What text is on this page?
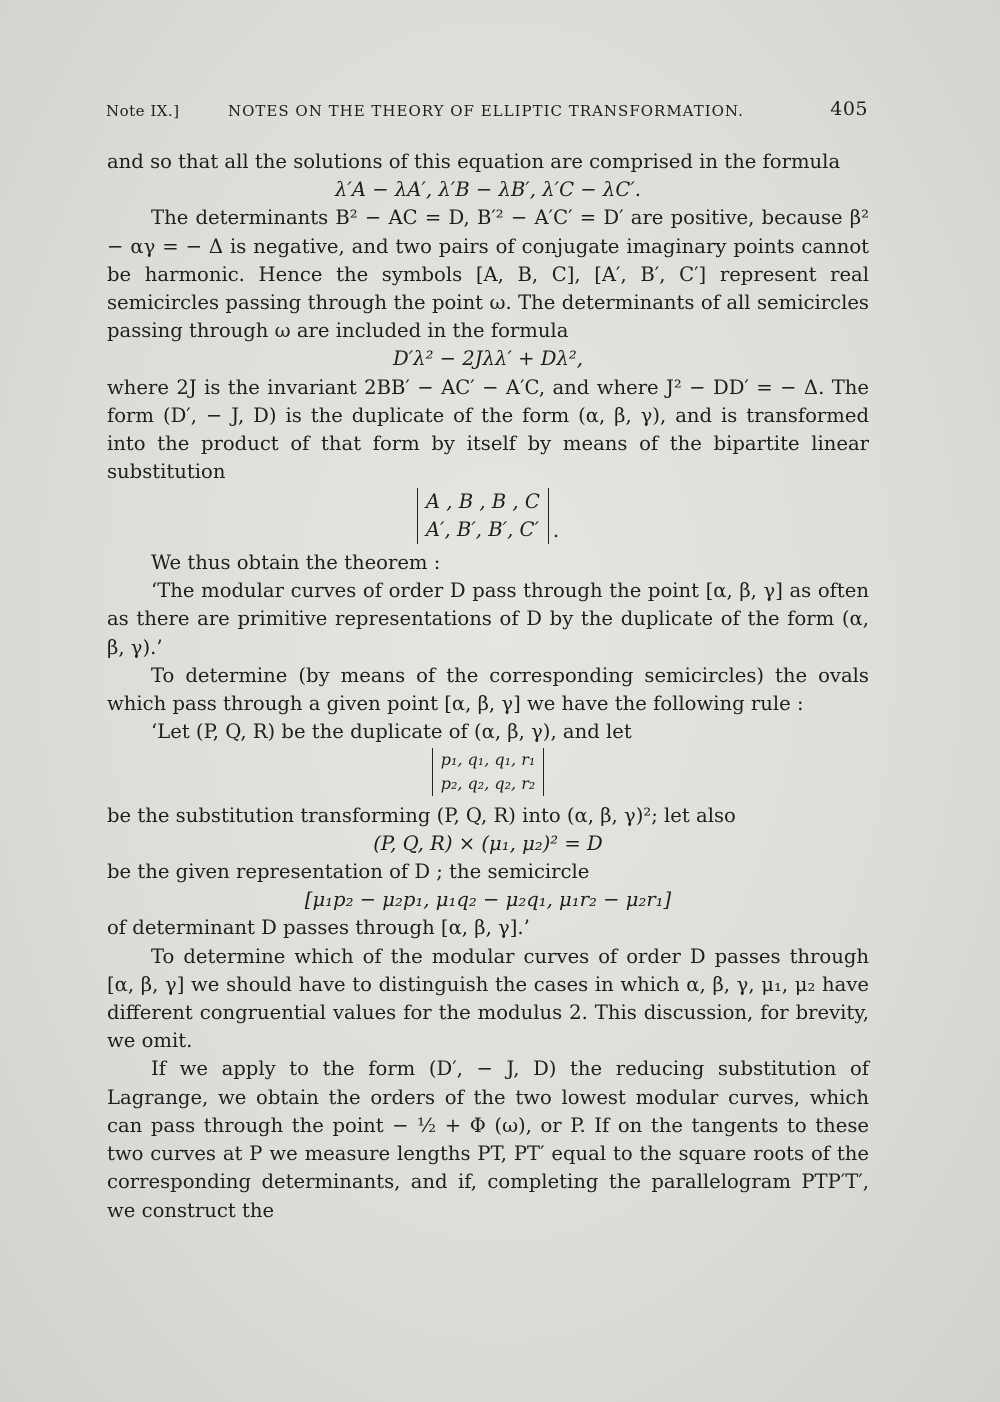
Note IX.]	NOTES ON THE THEORY OF ELLIPTIC TRANSFORMATION.	405

and so that all the solutions of this equation are comprised in the formula

λ′A − λA′, λ′B − λB′, λ′C − λC′.

The determinants B² − AC = D, B′² − A′C′ = D′ are positive, because β² − αγ = − Δ is negative, and two pairs of conjugate imaginary points cannot be harmonic. Hence the symbols [A, B, C], [A′, B′, C′] represent real semicircles passing through the point ω. The determinants of all semicircles passing through ω are included in the formula

D′λ² − 2Jλλ′ + Dλ²,

where 2J is the invariant 2BB′ − AC′ − A′C, and where J² − DD′ = − Δ. The form (D′, − J, D) is the duplicate of the form (α, β, γ), and is transformed into the product of that form by itself by means of the bipartite linear substitution

A , B , B , C
A′, B′, B′, C′ .

We thus obtain the theorem :

‘The modular curves of order D pass through the point [α, β, γ] as often as there are primitive representations of D by the duplicate of the form (α, β, γ).’

To determine (by means of the corresponding semicircles) the ovals which pass through a given point [α, β, γ] we have the following rule :

‘Let (P, Q, R) be the duplicate of (α, β, γ), and let

p₁, q₁, q₁, r₁
p₂, q₂, q₂, r₂

be the substitution transforming (P, Q, R) into (α, β, γ)²; let also

(P, Q, R) × (μ₁, μ₂)² = D

be the given representation of D ; the semicircle

[μ₁p₂ − μ₂p₁, μ₁q₂ − μ₂q₁, μ₁r₂ − μ₂r₁]

of determinant D passes through [α, β, γ].’

To determine which of the modular curves of order D passes through [α, β, γ] we should have to distinguish the cases in which α, β, γ, μ₁, μ₂ have different congruential values for the modulus 2. This discussion, for brevity, we omit.

If we apply to the form (D′, − J, D) the reducing substitution of Lagrange, we obtain the orders of the two lowest modular curves, which can pass through the point − ½ + Φ (ω), or P. If on the tangents to these two curves at P we measure lengths PT, PT′ equal to the square roots of the corresponding determinants, and if, completing the parallelogram PTP′T′, we construct the
